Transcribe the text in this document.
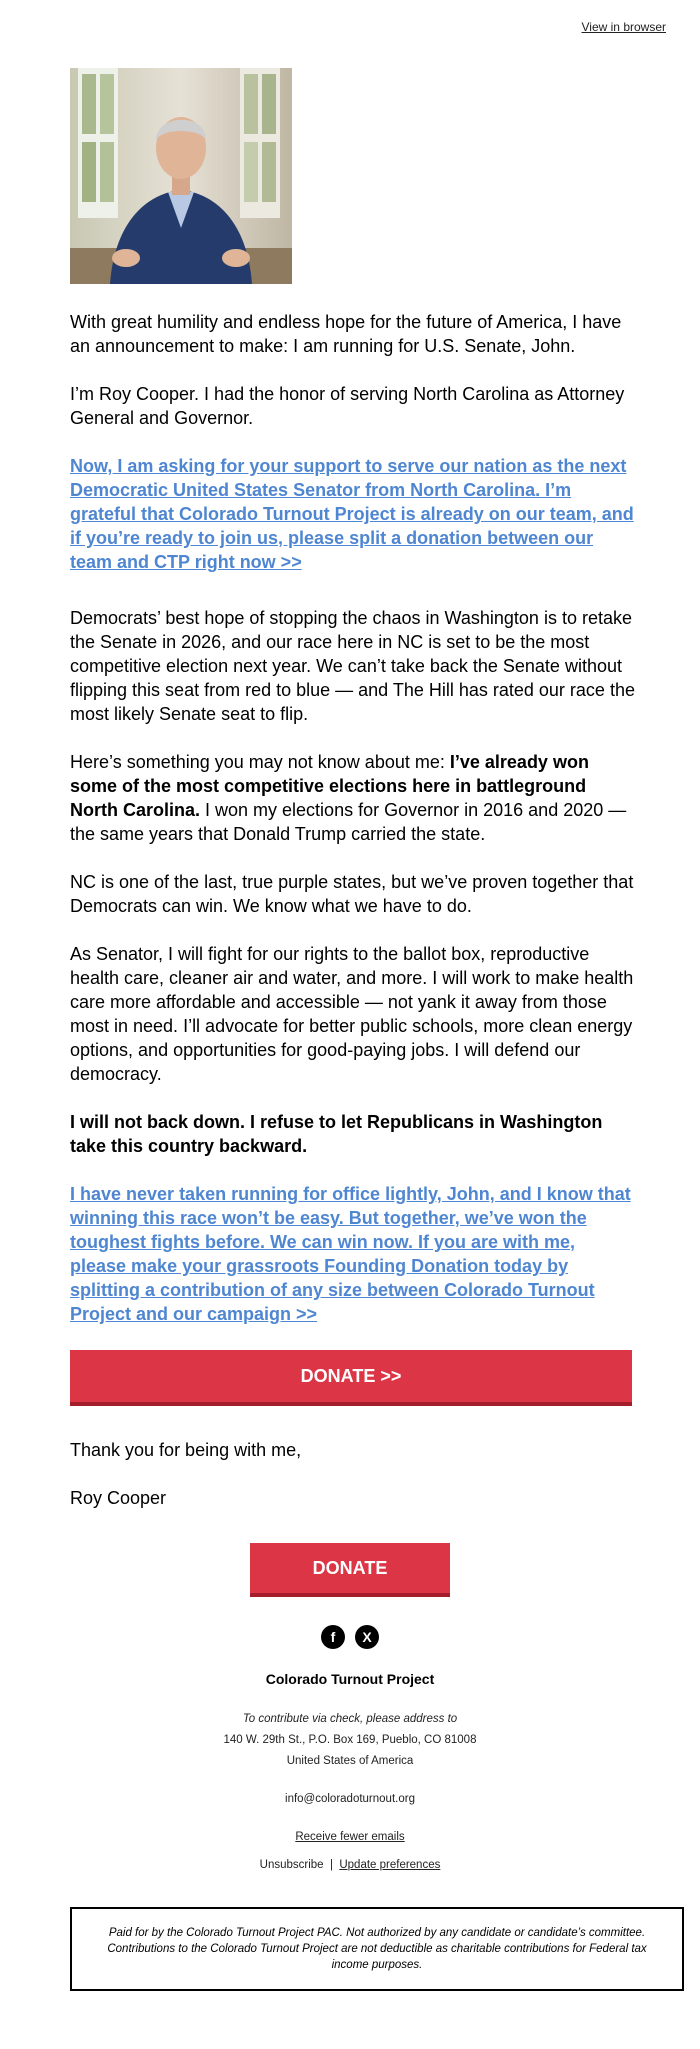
View in browser

With great humility and endless hope for the future of America, I have an announcement to make: I am running for U.S. Senate, John.

I’m Roy Cooper. I had the honor of serving North Carolina as Attorney General and Governor.

Now, I am asking for your support to serve our nation as the next Democratic United States Senator from North Carolina. I’m grateful that Colorado Turnout Project is already on our team, and if you’re ready to join us, please split a donation between our team and CTP right now >>

Democrats’ best hope of stopping the chaos in Washington is to retake the Senate in 2026, and our race here in NC is set to be the most competitive election next year. We can’t take back the Senate without flipping this seat from red to blue — and The Hill has rated our race the most likely Senate seat to flip.

Here’s something you may not know about me: I’ve already won some of the most competitive elections here in battleground North Carolina. I won my elections for Governor in 2016 and 2020 — the same years that Donald Trump carried the state.

NC is one of the last, true purple states, but we’ve proven together that Democrats can win. We know what we have to do.

As Senator, I will fight for our rights to the ballot box, reproductive health care, cleaner air and water, and more. I will work to make health care more affordable and accessible — not yank it away from those most in need. I’ll advocate for better public schools, more clean energy options, and opportunities for good-paying jobs. I will defend our democracy.

I will not back down. I refuse to let Republicans in Washington take this country backward.

I have never taken running for office lightly, John, and I know that winning this race won’t be easy. But together, we’ve won the toughest fights before. We can win now. If you are with me, please make your grassroots Founding Donation today by splitting a contribution of any size between Colorado Turnout Project and our campaign >>

DONATE >>

Thank you for being with me,

Roy Cooper

DONATE
f	X
Colorado Turnout Project
To contribute via check, please address to
140 W. 29th St., P.O. Box 169, Pueblo, CO 81008
United States of America
info@coloradoturnout.org
Receive fewer emails
Unsubscribe | Update preferences
Paid for by the Colorado Turnout Project PAC. Not authorized by any candidate or candidate’s committee. Contributions to the Colorado Turnout Project are not deductible as charitable contributions for Federal tax income purposes.
